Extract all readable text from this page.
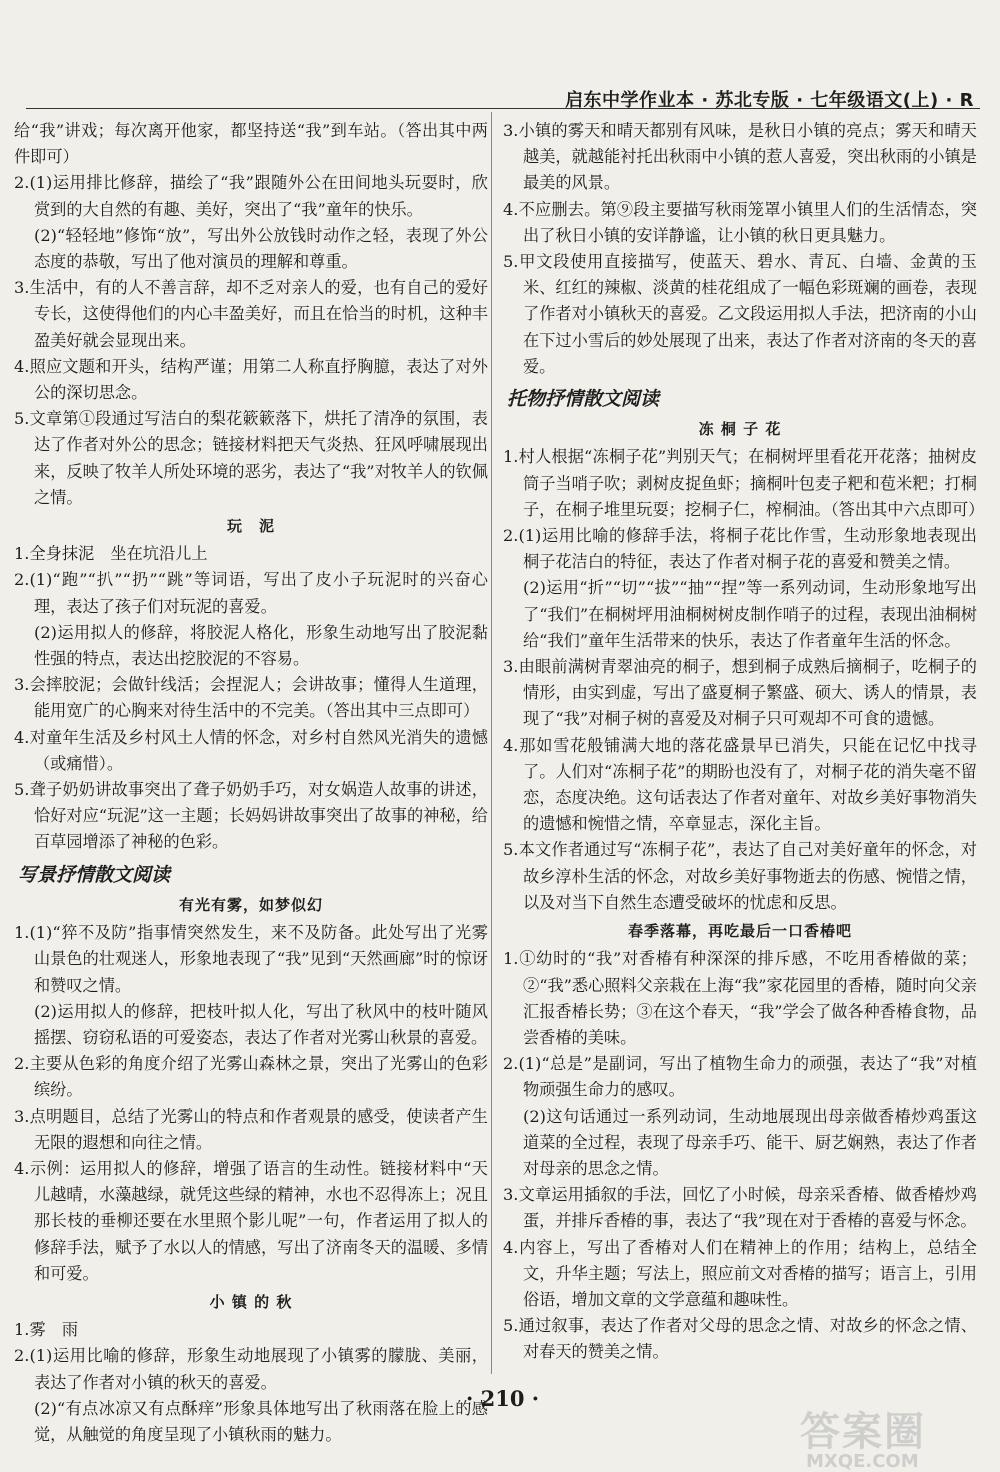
启东中学作业本 · 苏北专版 · 七年级语文(上) · R

给“我”讲戏；每次离开他家，都坚持送“我”到车站。（答出其中两件即可）

2.(1)运用排比修辞，描绘了“我”跟随外公在田间地头玩耍时，欣赏到的大自然的有趣、美好，突出了“我”童年的快乐。

(2)“轻轻地”修饰“放”，写出外公放钱时动作之轻，表现了外公态度的恭敬，写出了他对演员的理解和尊重。

3.生活中，有的人不善言辞，却不乏对亲人的爱，也有自己的爱好专长，这使得他们的内心丰盈美好，而且在恰当的时机，这种丰盈美好就会显现出来。

4.照应文题和开头，结构严谨；用第二人称直抒胸臆，表达了对外公的深切思念。

5.文章第①段通过写洁白的梨花簌簌落下，烘托了清净的氛围，表达了作者对外公的思念；链接材料把天气炎热、狂风呼啸展现出来，反映了牧羊人所处环境的恶劣，表达了“我”对牧羊人的钦佩之情。

玩　泥

1.全身抹泥　坐在坑沿儿上

2.(1)“跑”“扒”“扔”“跳”等词语，写出了皮小子玩泥时的兴奋心理，表达了孩子们对玩泥的喜爱。

(2)运用拟人的修辞，将胶泥人格化，形象生动地写出了胶泥黏性强的特点，表达出挖胶泥的不容易。

3.会摔胶泥；会做针线活；会捏泥人；会讲故事；懂得人生道理，能用宽广的心胸来对待生活中的不完美。（答出其中三点即可）

4.对童年生活及乡村风土人情的怀念，对乡村自然风光消失的遗憾（或痛惜）。

5.聋子奶奶讲故事突出了聋子奶奶手巧，对女娲造人故事的讲述，恰好对应“玩泥”这一主题；长妈妈讲故事突出了故事的神秘，给百草园增添了神秘的色彩。

写景抒情散文阅读
有光有雾，如梦似幻

1.(1)“猝不及防”指事情突然发生，来不及防备。此处写出了光雾山景色的壮观迷人，形象地表现了“我”见到“天然画廊”时的惊讶和赞叹之情。

(2)运用拟人的修辞，把枝叶拟人化，写出了秋风中的枝叶随风摇摆、窃窃私语的可爱姿态，表达了作者对光雾山秋景的喜爱。

2.主要从色彩的角度介绍了光雾山森林之景，突出了光雾山的色彩缤纷。

3.点明题目，总结了光雾山的特点和作者观景的感受，使读者产生无限的遐想和向往之情。

4.示例：运用拟人的修辞，增强了语言的生动性。链接材料中“天儿越晴，水藻越绿，就凭这些绿的精神，水也不忍得冻上；况且那长枝的垂柳还要在水里照个影儿呢”一句，作者运用了拟人的修辞手法，赋予了水以人的情感，写出了济南冬天的温暖、多情和可爱。

小 镇 的 秋

1.雾　雨

2.(1)运用比喻的修辞，形象生动地展现了小镇雾的朦胧、美丽，表达了作者对小镇的秋天的喜爱。

(2)“有点冰凉又有点酥痒”形象具体地写出了秋雨落在脸上的感觉，从触觉的角度呈现了小镇秋雨的魅力。

3.小镇的雾天和晴天都别有风味，是秋日小镇的亮点；雾天和晴天越美，就越能衬托出秋雨中小镇的惹人喜爱，突出秋雨的小镇是最美的风景。

4.不应删去。第⑨段主要描写秋雨笼罩小镇里人们的生活情态，突出了秋日小镇的安详静谧，让小镇的秋日更具魅力。

5.甲文段使用直接描写，使蓝天、碧水、青瓦、白墙、金黄的玉米、红红的辣椒、淡黄的桂花组成了一幅色彩斑斓的画卷，表现了作者对小镇秋天的喜爱。乙文段运用拟人手法，把济南的小山在下过小雪后的妙处展现了出来，表达了作者对济南的冬天的喜爱。

托物抒情散文阅读
冻 桐 子 花

1.村人根据“冻桐子花”判别天气；在桐树坪里看花开花落；抽树皮筒子当哨子吹；剥树皮捉鱼虾；摘桐叶包麦子粑和苞米粑；打桐子，在桐子堆里玩耍；挖桐子仁，榨桐油。（答出其中六点即可）

2.(1)运用比喻的修辞手法，将桐子花比作雪，生动形象地表现出桐子花洁白的特征，表达了作者对桐子花的喜爱和赞美之情。

(2)运用“折”“切”“拔”“抽”“捏”等一系列动词，生动形象地写出了“我们”在桐树坪用油桐树树皮制作哨子的过程，表现出油桐树给“我们”童年生活带来的快乐，表达了作者童年生活的怀念。

3.由眼前满树青翠油亮的桐子，想到桐子成熟后摘桐子，吃桐子的情形，由实到虚，写出了盛夏桐子繁盛、硕大、诱人的情景，表现了“我”对桐子树的喜爱及对桐子只可观却不可食的遗憾。

4.那如雪花般铺满大地的落花盛景早已消失，只能在记忆中找寻了。人们对“冻桐子花”的期盼也没有了，对桐子花的消失毫不留恋，态度决绝。这句话表达了作者对童年、对故乡美好事物消失的遗憾和惋惜之情，卒章显志，深化主旨。

5.本文作者通过写“冻桐子花”，表达了自己对美好童年的怀念，对故乡淳朴生活的怀念，对故乡美好事物逝去的伤感、惋惜之情，以及对当下自然生态遭受破坏的忧虑和反思。

春季落幕，再吃最后一口香椿吧

1.①幼时的“我”对香椿有种深深的排斥感，不吃用香椿做的菜；②“我”悉心照料父亲栽在上海“我”家花园里的香椿，随时向父亲汇报香椿长势；③在这个春天，“我”学会了做各种香椿食物，品尝香椿的美味。

2.(1)“总是”是副词，写出了植物生命力的顽强，表达了“我”对植物顽强生命力的感叹。

(2)这句话通过一系列动词，生动地展现出母亲做香椿炒鸡蛋这道菜的全过程，表现了母亲手巧、能干、厨艺娴熟，表达了作者对母亲的思念之情。

3.文章运用插叙的手法，回忆了小时候，母亲采香椿、做香椿炒鸡蛋，并排斥香椿的事，表达了“我”现在对于香椿的喜爱与怀念。

4.内容上，写出了香椿对人们在精神上的作用；结构上，总结全文，升华主题；写法上，照应前文对香椿的描写；语言上，引用俗语，增加文章的文学意蕴和趣味性。

5.通过叙事，表达了作者对父母的思念之情、对故乡的怀念之情、对春天的赞美之情。

· 210 ·
答案圈
MXQE.COM
